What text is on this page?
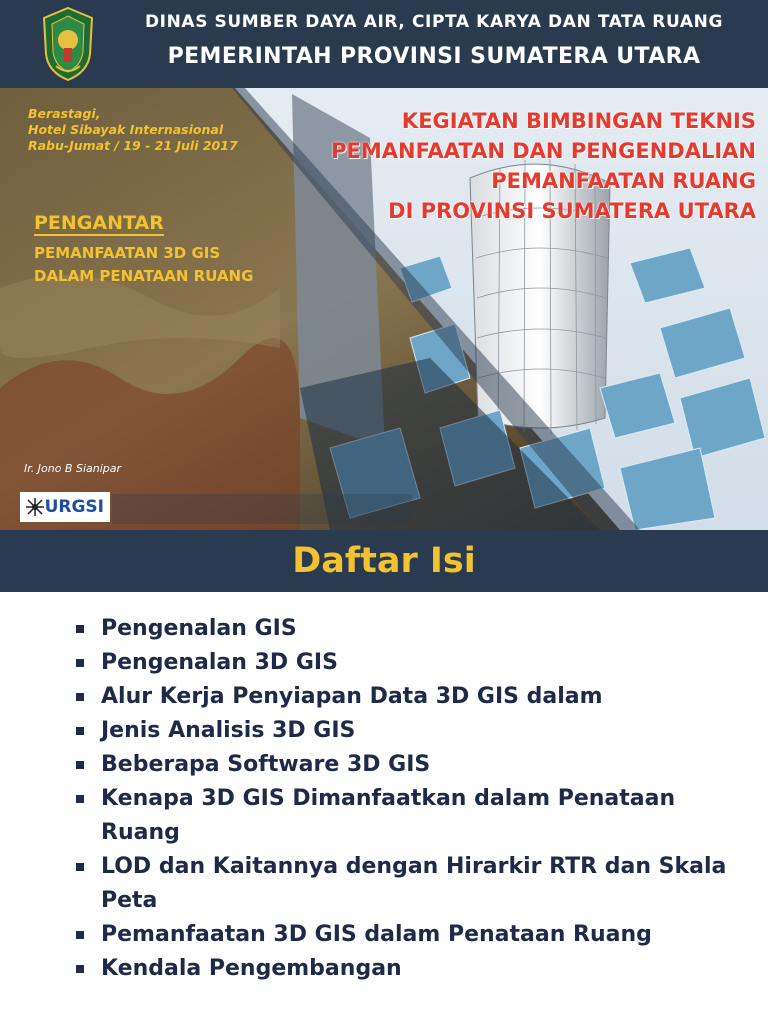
DINAS SUMBER DAYA AIR, CIPTA KARYA DAN TATA RUANG
PEMERINTAH PROVINSI SUMATERA UTARA
Berastagi,
Hotel Sibayak Internasional
Rabu-Jumat / 19 - 21 Juli 2017
KEGIATAN BIMBINGAN TEKNIS
PEMANFAATAN DAN PENGENDALIAN
PEMANFAATAN RUANG
DI PROVINSI SUMATERA UTARA
PENGANTAR
PEMANFAATAN 3D GIS
DALAM PENATAAN RUANG
Ir. Jono B Sianipar
URGSI
Daftar Isi
Pengenalan GIS
Pengenalan 3D GIS
Alur Kerja Penyiapan Data 3D GIS dalam
Jenis Analisis 3D GIS
Beberapa Software 3D GIS
Kenapa 3D GIS Dimanfaatkan dalam Penataan Ruang
LOD dan Kaitannya dengan Hirarkir RTR dan Skala Peta
Pemanfaatan 3D GIS dalam Penataan Ruang
Kendala Pengembangan
